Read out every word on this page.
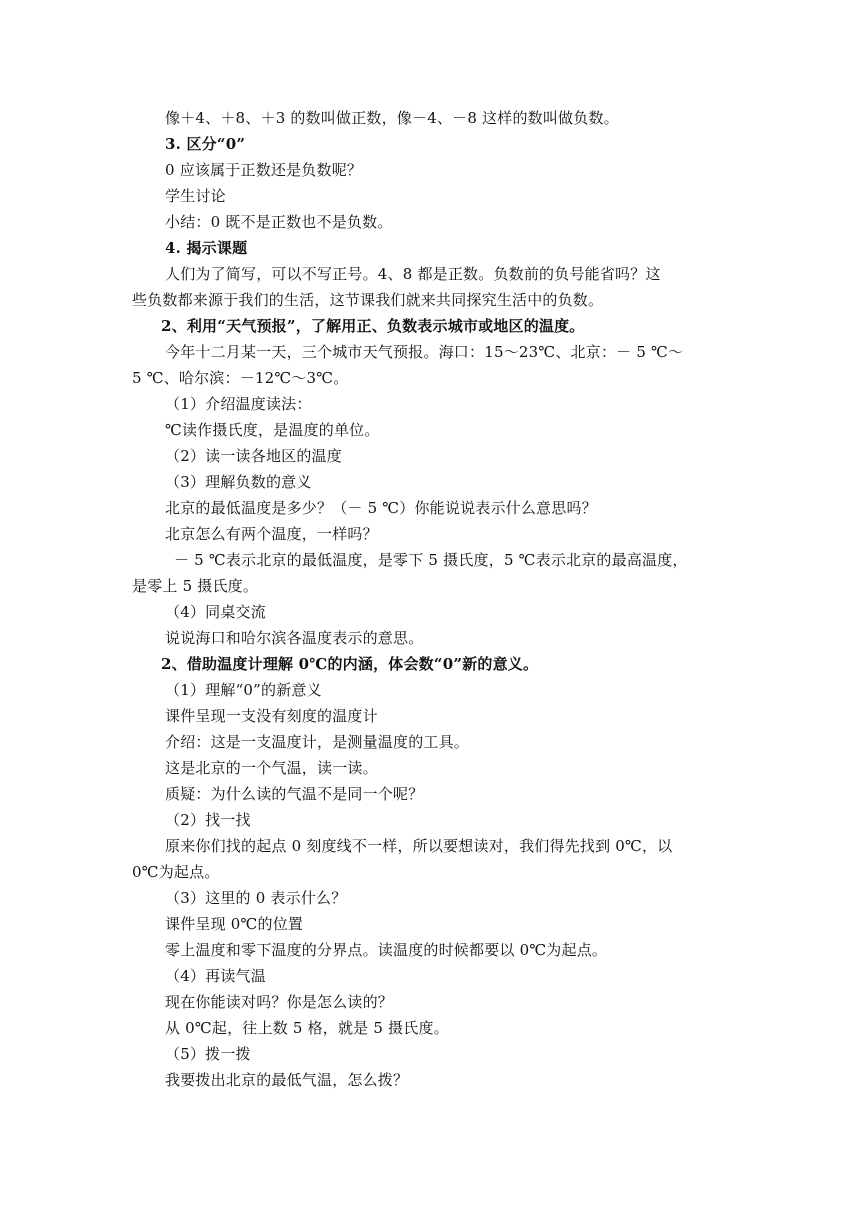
像＋4、＋8、＋3 的数叫做正数，像－4、－8 这样的数叫做负数。
3. 区分“0”
0 应该属于正数还是负数呢？
学生讨论
小结：0 既不是正数也不是负数。
4. 揭示课题
人们为了简写，可以不写正号。4、8 都是正数。负数前的负号能省吗？这
些负数都来源于我们的生活，这节课我们就来共同探究生活中的负数。
2、利用“天气预报”，了解用正、负数表示城市或地区的温度。
今年十二月某一天，三个城市天气预报。海口：15～23℃、北京：－ 5 ℃～
5 ℃、哈尔滨：－12℃～3℃。
（1）介绍温度读法：
℃读作摄氏度，是温度的单位。
（2）读一读各地区的温度
（3）理解负数的意义
北京的最低温度是多少？（－ 5 ℃）你能说说表示什么意思吗？
北京怎么有两个温度，一样吗？
－ 5 ℃表示北京的最低温度，是零下 5 摄氏度，5 ℃表示北京的最高温度，
是零上 5 摄氏度。
（4）同桌交流
说说海口和哈尔滨各温度表示的意思。
2、借助温度计理解 0℃的内涵，体会数“0”新的意义。
（1）理解“0”的新意义
课件呈现一支没有刻度的温度计
介绍：这是一支温度计，是测量温度的工具。
这是北京的一个气温，读一读。
质疑：为什么读的气温不是同一个呢？
（2）找一找
原来你们找的起点 0 刻度线不一样，所以要想读对，我们得先找到 0℃，以
0℃为起点。
（3）这里的 0 表示什么？
课件呈现 0℃的位置
零上温度和零下温度的分界点。读温度的时候都要以 0℃为起点。
（4）再读气温
现在你能读对吗？你是怎么读的？
从 0℃起，往上数 5 格，就是 5 摄氏度。
（5）拨一拨
我要拨出北京的最低气温，怎么拨？
